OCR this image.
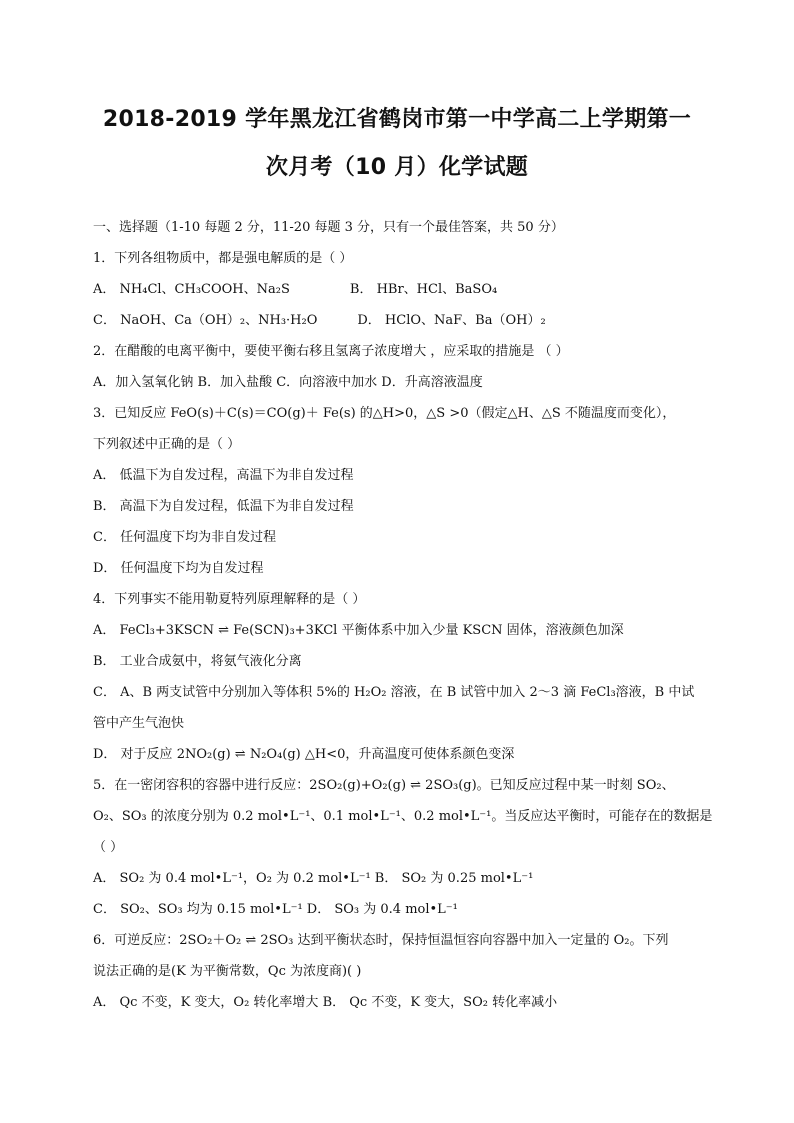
2018-2019 学年黑龙江省鹤岗市第一中学高二上学期第一
次月考（10 月）化学试题
一、选择题（1-10 每题 2 分，11-20 每题 3 分，只有一个最佳答案，共 50 分）
1．下列各组物质中，都是强电解质的是（ ）
A． NH₄Cl、CH₃COOH、Na₂S	B． HBr、HCl、BaSO₄
C． NaOH、Ca（OH）₂、NH₃·H₂O	D． HClO、NaF、Ba（OH）₂
2．在醋酸的电离平衡中，要使平衡右移且氢离子浓度增大 ，应采取的措施是 （ ）
A．加入氢氧化钠 B．加入盐酸 C．向溶液中加水 D．升高溶液温度
3．已知反应 FeO(s)＋C(s)＝CO(g)＋ Fe(s) 的△H>0，△S >0（假定△H、△S 不随温度而变化），
下列叙述中正确的是（ ）
A． 低温下为自发过程，高温下为非自发过程
B． 高温下为自发过程，低温下为非自发过程
C． 任何温度下均为非自发过程
D． 任何温度下均为自发过程
4．下列事实不能用勒夏特列原理解释的是（ ）
A． FeCl₃+3KSCN ⇌ Fe(SCN)₃+3KCl 平衡体系中加入少量 KSCN 固体，溶液颜色加深
B． 工业合成氨中，将氨气液化分离
C． A、B 两支试管中分别加入等体积 5%的 H₂O₂ 溶液，在 B 试管中加入 2～3 滴 FeCl₃溶液，B 中试
管中产生气泡快
D． 对于反应 2NO₂(g) ⇌ N₂O₄(g) △H<0，升高温度可使体系颜色变深
5．在一密闭容积的容器中进行反应：2SO₂(g)+O₂(g) ⇌ 2SO₃(g)。已知反应过程中某一时刻 SO₂、
O₂、SO₃ 的浓度分别为 0.2 mol•L⁻¹、0.1 mol•L⁻¹、0.2 mol•L⁻¹。当反应达平衡时，可能存在的数据是
（ ）
A． SO₂ 为 0.4 mol•L⁻¹，O₂ 为 0.2 mol•L⁻¹ B． SO₂ 为 0.25 mol•L⁻¹
C． SO₂、SO₃ 均为 0.15 mol•L⁻¹ D． SO₃ 为 0.4 mol•L⁻¹
6．可逆反应：2SO₂＋O₂ ⇌ 2SO₃ 达到平衡状态时，保持恒温恒容向容器中加入一定量的 O₂。下列
说法正确的是(K 为平衡常数，Qc 为浓度商)( )
A． Qc 不变，K 变大，O₂ 转化率增大 B． Qc 不变，K 变大，SO₂ 转化率减小
